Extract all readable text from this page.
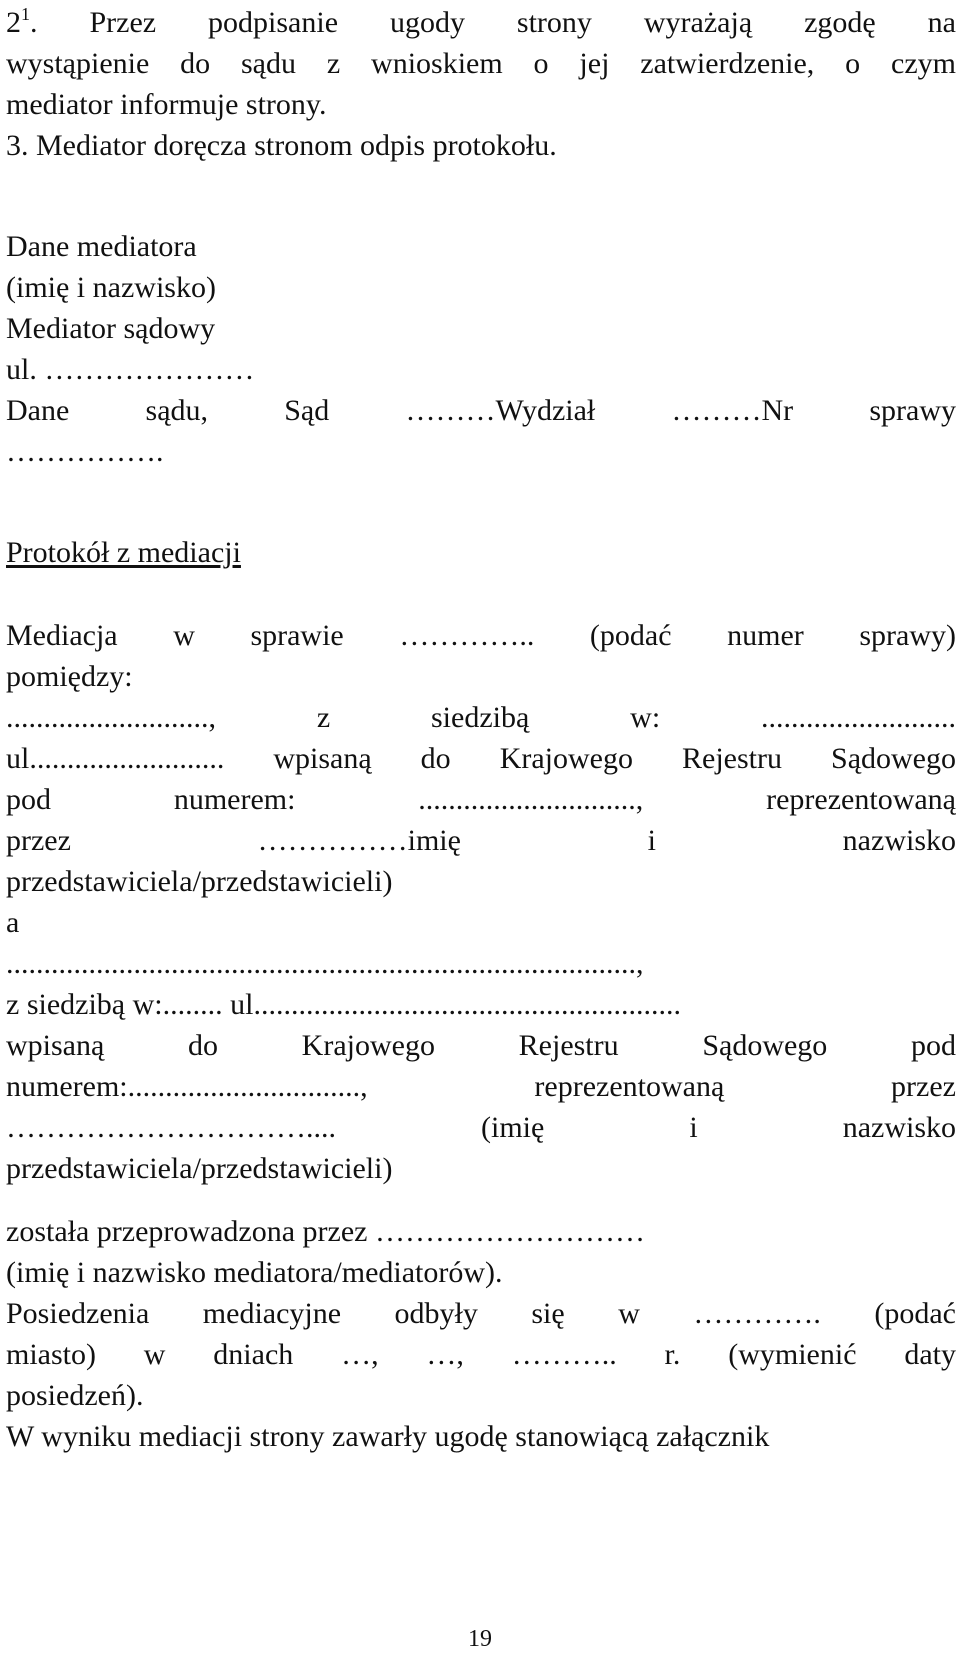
$2^1$. Przez podpisanie ugody strony wyrażają zgodę na
wystąpienie do sądu z wnioskiem o jej zatwierdzenie, o czym
mediator informuje strony.
3. Mediator doręcza stronom odpis protokołu.
Dane mediatora
(imię i nazwisko)
Mediator sądowy
ul. …………………
Dane sądu, Sąd ………Wydział ………Nr sprawy
…………….
Protokół z mediacji
Mediacja w sprawie ………….. (podać numer sprawy)
pomiędzy:
..........................., z siedzibą w: ..........................
ul.......................... wpisaną do Krajowego Rejestru Sądowego
pod numerem: ............................., reprezentowaną
przez ……………imię i nazwisko
przedstawiciela/przedstawicieli)
a
....................................................................................,
z siedzibą w:........ ul.........................................................
wpisaną do Krajowego Rejestru Sądowego pod
numerem:..............................., reprezentowaną przez
………………………….... (imię i nazwisko
przedstawiciela/przedstawicieli)
została przeprowadzona przez ………………………
(imię i nazwisko mediatora/mediatorów).
Posiedzenia mediacyjne odbyły się w …………. (podać
miasto) w dniach …, …, ……….. r. (wymienić daty
posiedzeń).
W wyniku mediacji strony zawarły ugodę stanowiącą załącznik
19
